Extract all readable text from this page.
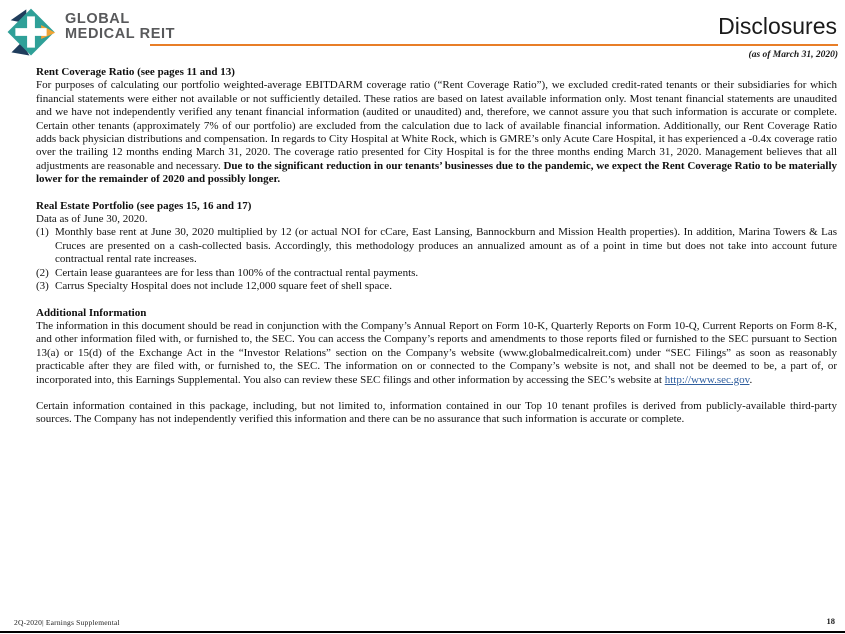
GLOBAL
MEDICAL REIT	Disclosures
(as of March 31, 2020)
Rent Coverage Ratio (see pages 11 and 13)

For purposes of calculating our portfolio weighted-average EBITDARM coverage ratio (“Rent Coverage Ratio”), we excluded credit-rated tenants or their subsidiaries for which financial statements were either not available or not sufficiently detailed. These ratios are based on latest available information only. Most tenant financial statements are unaudited and we have not independently verified any tenant financial information (audited or unaudited) and, therefore, we cannot assure you that such information is accurate or complete. Certain other tenants (approximately 7% of our portfolio) are excluded from the calculation due to lack of available financial information. Additionally, our Rent Coverage Ratio adds back physician distributions and compensation. In regards to City Hospital at White Rock, which is GMRE’s only Acute Care Hospital, it has experienced a -0.4x coverage ratio over the trailing 12 months ending March 31, 2020. The coverage ratio presented for City Hospital is for the three months ending March 31, 2020. Management believes that all adjustments are reasonable and necessary. Due to the significant reduction in our tenants’ businesses due to the pandemic, we expect the Rent Coverage Ratio to be materially lower for the remainder of 2020 and possibly longer.

Real Estate Portfolio (see pages 15, 16 and 17)
Data as of June 30, 2020.
(1) Monthly base rent at June 30, 2020 multiplied by 12 (or actual NOI for cCare, East Lansing, Bannockburn and Mission Health properties). In addition, Marina Towers & Las Cruces are presented on a cash-collected basis. Accordingly, this methodology produces an annualized amount as of a point in time but does not take into account future contractual rental rate increases.
(2) Certain lease guarantees are for less than 100% of the contractual rental payments.
(3) Carrus Specialty Hospital does not include 12,000 square feet of shell space.
Additional Information

The information in this document should be read in conjunction with the Company’s Annual Report on Form 10-K, Quarterly Reports on Form 10-Q, Current Reports on Form 8-K, and other information filed with, or furnished to, the SEC. You can access the Company’s reports and amendments to those reports filed or furnished to the SEC pursuant to Section 13(a) or 15(d) of the Exchange Act in the “Investor Relations” section on the Company’s website (www.globalmedicalreit.com) under “SEC Filings” as soon as reasonably practicable after they are filed with, or furnished to, the SEC. The information on or connected to the Company’s website is not, and shall not be deemed to be, a part of, or incorporated into, this Earnings Supplemental. You also can review these SEC filings and other information by accessing the SEC’s website at http://www.sec.gov.

Certain information contained in this package, including, but not limited to, information contained in our Top 10 tenant profiles is derived from publicly-available third-party sources. The Company has not independently verified this information and there can be no assurance that such information is accurate or complete.

2Q-2020| Earnings Supplemental	18
